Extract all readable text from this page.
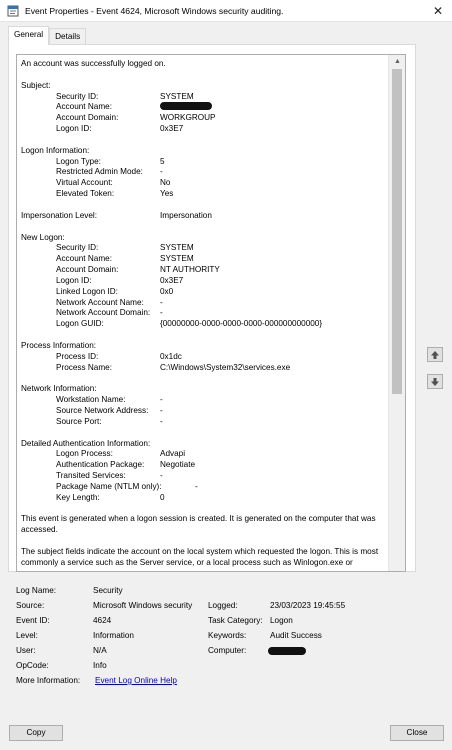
Event Properties - Event 4624, Microsoft Windows security auditing.	✕
General	Details
An account was successfully logged on.
Subject:
Security ID:	SYSTEM
Account Name:
Account Domain:	WORKGROUP
Logon ID:	0x3E7
Logon Information:
Logon Type:	5
Restricted Admin Mode: -
Virtual Account:	No
Elevated Token:	Yes
Impersonation Level:	Impersonation
New Logon:
Security ID:	SYSTEM
Account Name:	SYSTEM
Account Domain:	NT AUTHORITY
Logon ID:	0x3E7
Linked Logon ID:	0x0
Network Account Name: -
Network Account Domain: -
Logon GUID:	{00000000-0000-0000-0000-000000000000}
Process Information:
Process ID:	0x1dc
Process Name:	C:\Windows\System32\services.exe
Network Information:
Workstation Name:	-
Source Network Address: -
Source Port:	-
Detailed Authentication Information:
Logon Process:	Advapi
Authentication Package: Negotiate
Transited Services:	-
Package Name (NTLM only):	-
Key Length:	0
This event is generated when a logon session is created. It is generated on the computer that was accessed.
The subject fields indicate the account on the local system which requested the logon. This is most commonly a service such as the Server service, or a local process such as Winlogon.exe or
▲
Log Name:	Security
Source:	Microsoft Windows security Logged:	23/03/2023 19:45:55
Event ID:	4624	Task Category: Logon
Level:	Information	Keywords:	Audit Success
User:	N/A	Computer:
OpCode:	Info
More Information: Event Log Online Help
Copy	Close
